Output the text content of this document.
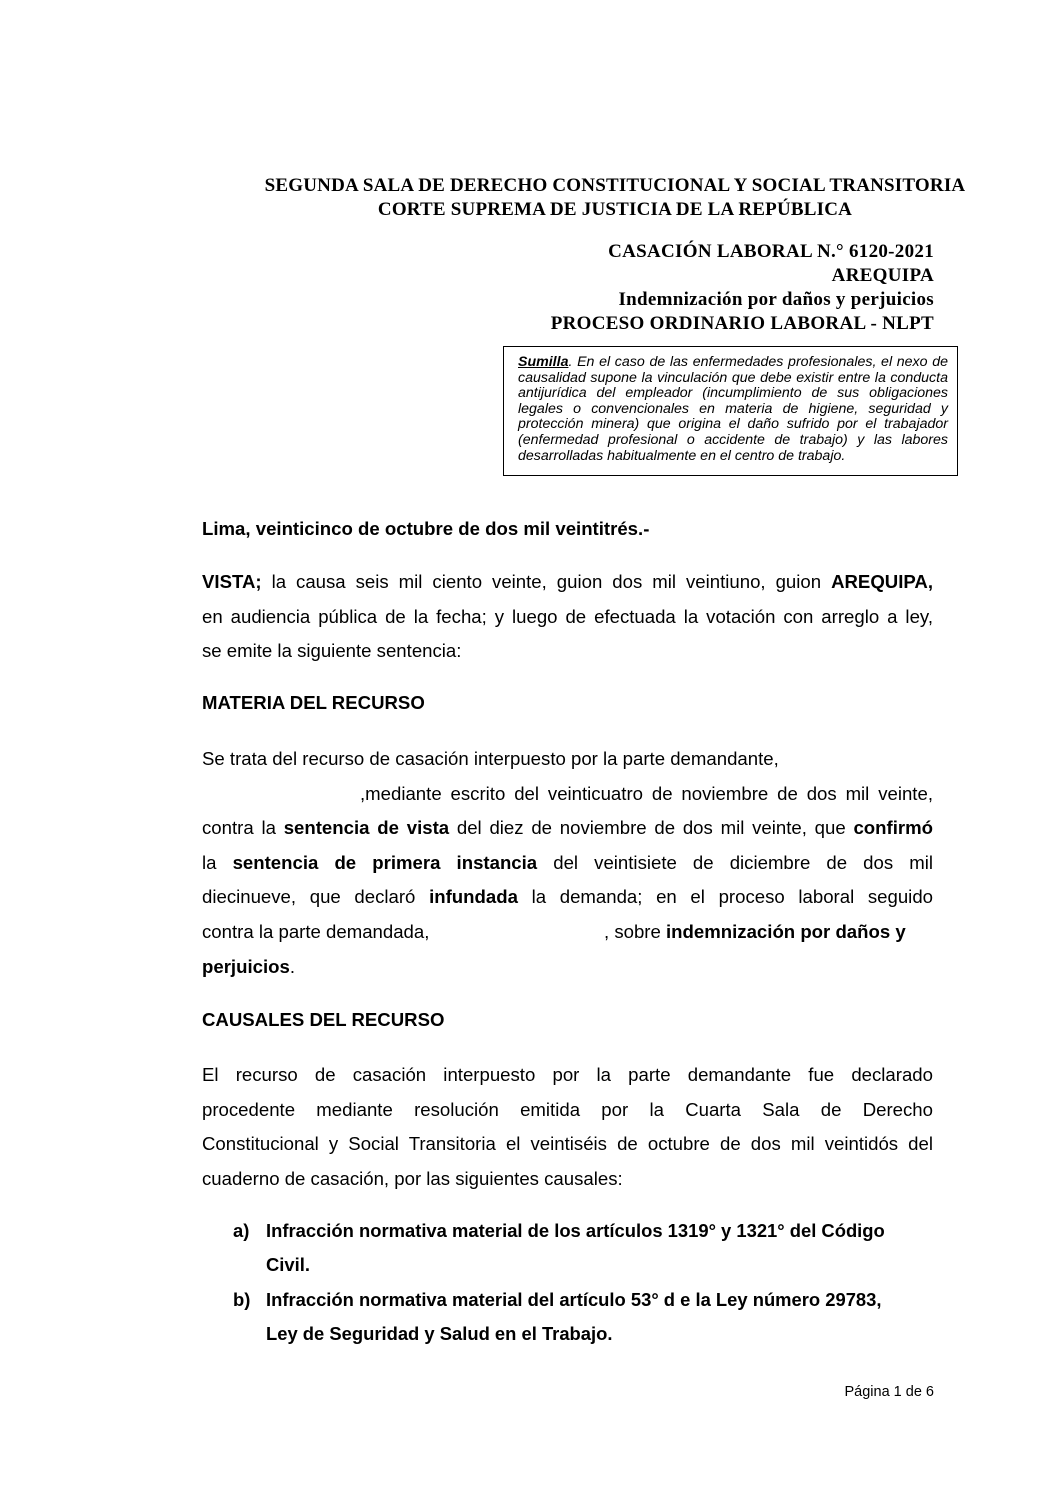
SEGUNDA SALA DE DERECHO CONSTITUCIONAL Y SOCIAL TRANSITORIA
CORTE SUPREMA DE JUSTICIA DE LA REPÚBLICA
CASACIÓN LABORAL N.° 6120-2021
AREQUIPA
Indemnización por daños y perjuicios
PROCESO ORDINARIO LABORAL - NLPT
Sumilla. En el caso de las enfermedades profesionales, el nexo de causalidad supone la vinculación que debe existir entre la conducta antijurídica del empleador (incumplimiento de sus obligaciones legales o convencionales en materia de higiene, seguridad y protección minera) que origina el daño sufrido por el trabajador (enfermedad profesional o accidente de trabajo) y las labores desarrolladas habitualmente en el centro de trabajo.
Lima, veinticinco de octubre de dos mil veintitrés.-
VISTA; la causa seis mil ciento veinte, guion dos mil veintiuno, guion AREQUIPA,
en audiencia pública de la fecha; y luego de efectuada la votación con arreglo a ley,
se emite la siguiente sentencia:
MATERIA DEL RECURSO
Se trata del recurso de casación interpuesto por la parte demandante,
,mediante escrito del veinticuatro de noviembre de dos mil veinte,
contra la sentencia de vista del diez de noviembre de dos mil veinte, que confirmó
la sentencia de primera instancia del veintisiete de diciembre de dos mil
diecinueve, que declaró infundada la demanda; en el proceso laboral seguido
contra la parte demandada,	, sobre indemnización por daños y
perjuicios.
CAUSALES DEL RECURSO
El recurso de casación interpuesto por la parte demandante fue declarado
procedente mediante resolución emitida por la Cuarta Sala de Derecho
Constitucional y Social Transitoria el veintiséis de octubre de dos mil veintidós del
cuaderno de casación, por las siguientes causales:
a) Infracción normativa material de los artículos 1319° y 1321° del Código
Civil.
b) Infracción normativa material del artículo 53° d e la Ley número 29783,
Ley de Seguridad y Salud en el Trabajo.
Página 1 de 6
